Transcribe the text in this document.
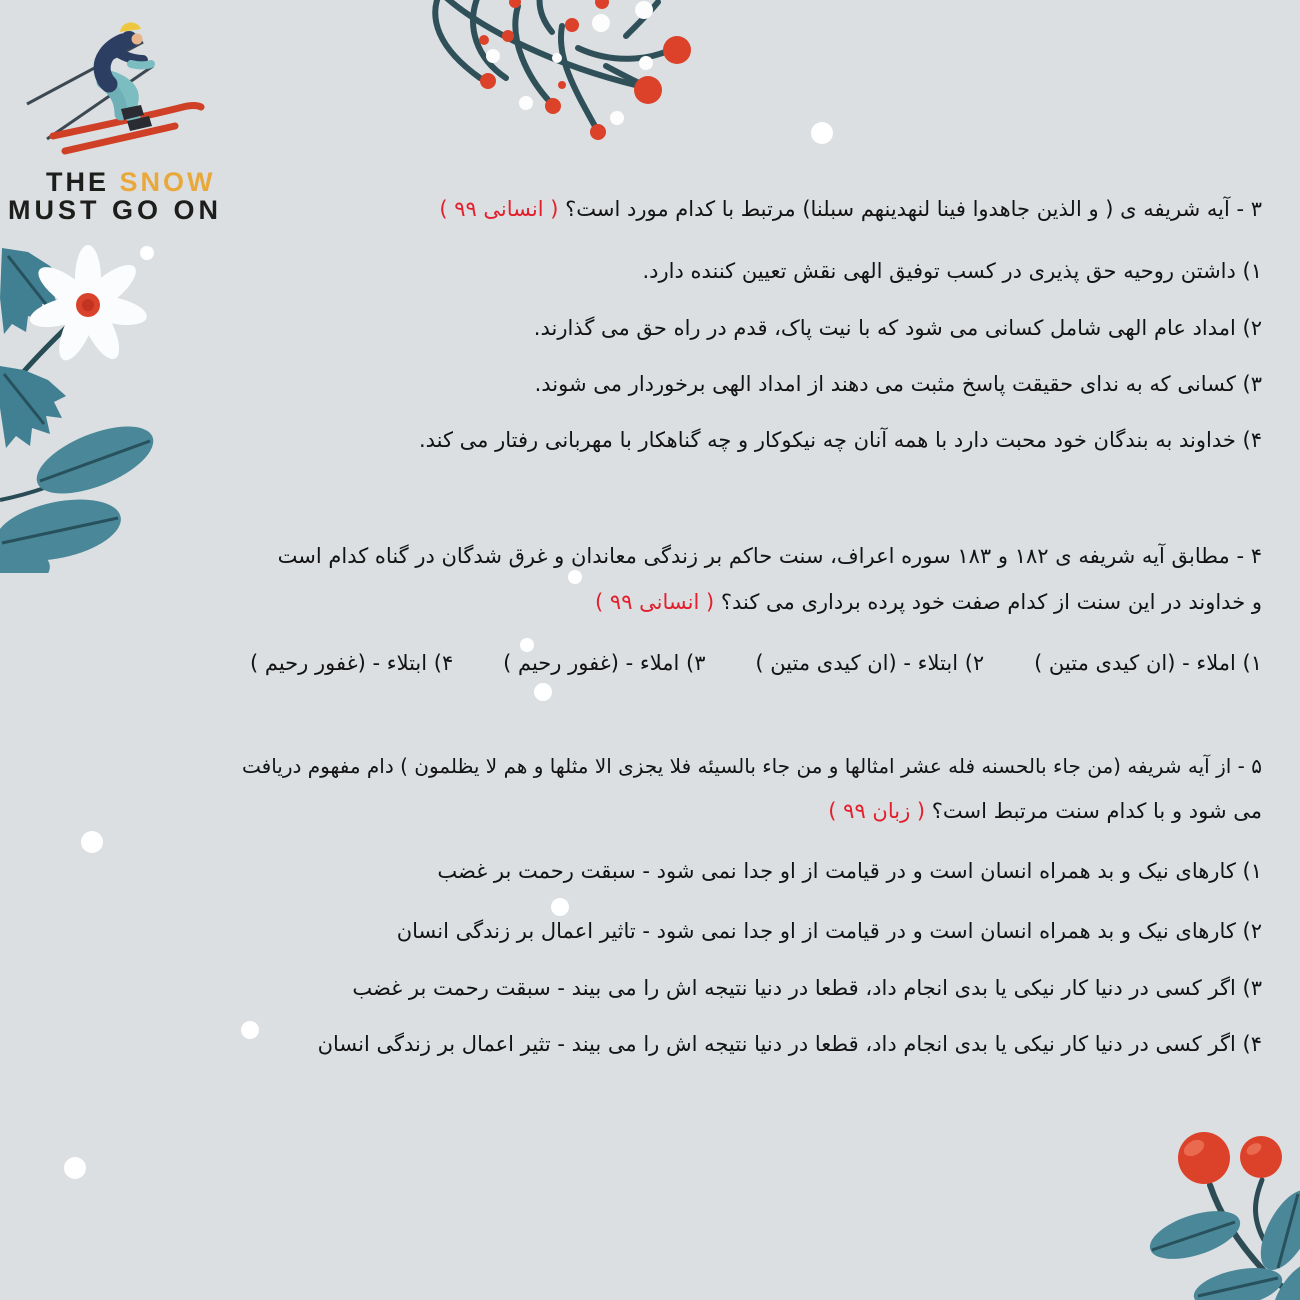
THE SNOW
MUST GO ON	۳ - آیه شریفه ی ( و الذین جاهدوا فینا لنهدینهم سبلنا) مرتبط با کدام مورد است؟ ( انسانی ۹۹ )
۱) داشتن روحیه حق پذیری در کسب توفیق الهی نقش تعیین کننده دارد.
۲) امداد عام الهی شامل کسانی می شود که با نیت پاک، قدم در راه حق می گذارند.
۳) کسانی که به ندای حقیقت پاسخ مثبت می دهند از امداد الهی برخوردار می شوند.
۴) خداوند به بندگان خود محبت دارد با همه آنان چه نیکوکار و چه گناهکار با مهربانی رفتار می کند.
۴ - مطابق آیه شریفه ی ۱۸۲ و ۱۸۳ سوره اعراف، سنت حاکم بر زندگی معاندان و غرق شدگان در گناه کدام است
و خداوند در این سنت از کدام صفت خود پرده برداری می کند؟ ( انسانی ۹۹ )
۱) املاء - (ان کیدی متین )
۲) ابتلاء - (ان کیدی متین )
۳) املاء - (غفور رحیم )
۴) ابتلاء - (غفور رحیم )
۵ - از آیه شریفه (من جاء بالحسنه فله عشر امثالها و من جاء بالسیئه فلا یجزی الا مثلها و هم لا یظلمون ) دام مفهوم دریافت
می شود و با کدام سنت مرتبط است؟ ( زبان ۹۹ )
۱) کارهای نیک و بد همراه انسان است و در قیامت از او جدا نمی شود - سبقت رحمت بر غضب
۲) کارهای نیک و بد همراه انسان است و در قیامت از او جدا نمی شود - تاثیر اعمال بر زندگی انسان
۳) اگر کسی در دنیا کار نیکی یا بدی انجام داد، قطعا در دنیا نتیجه اش را می بیند - سبقت رحمت بر غضب
۴) اگر کسی در دنیا کار نیکی یا بدی انجام داد، قطعا در دنیا نتیجه اش را می بیند - تثیر اعمال بر زندگی انسان
